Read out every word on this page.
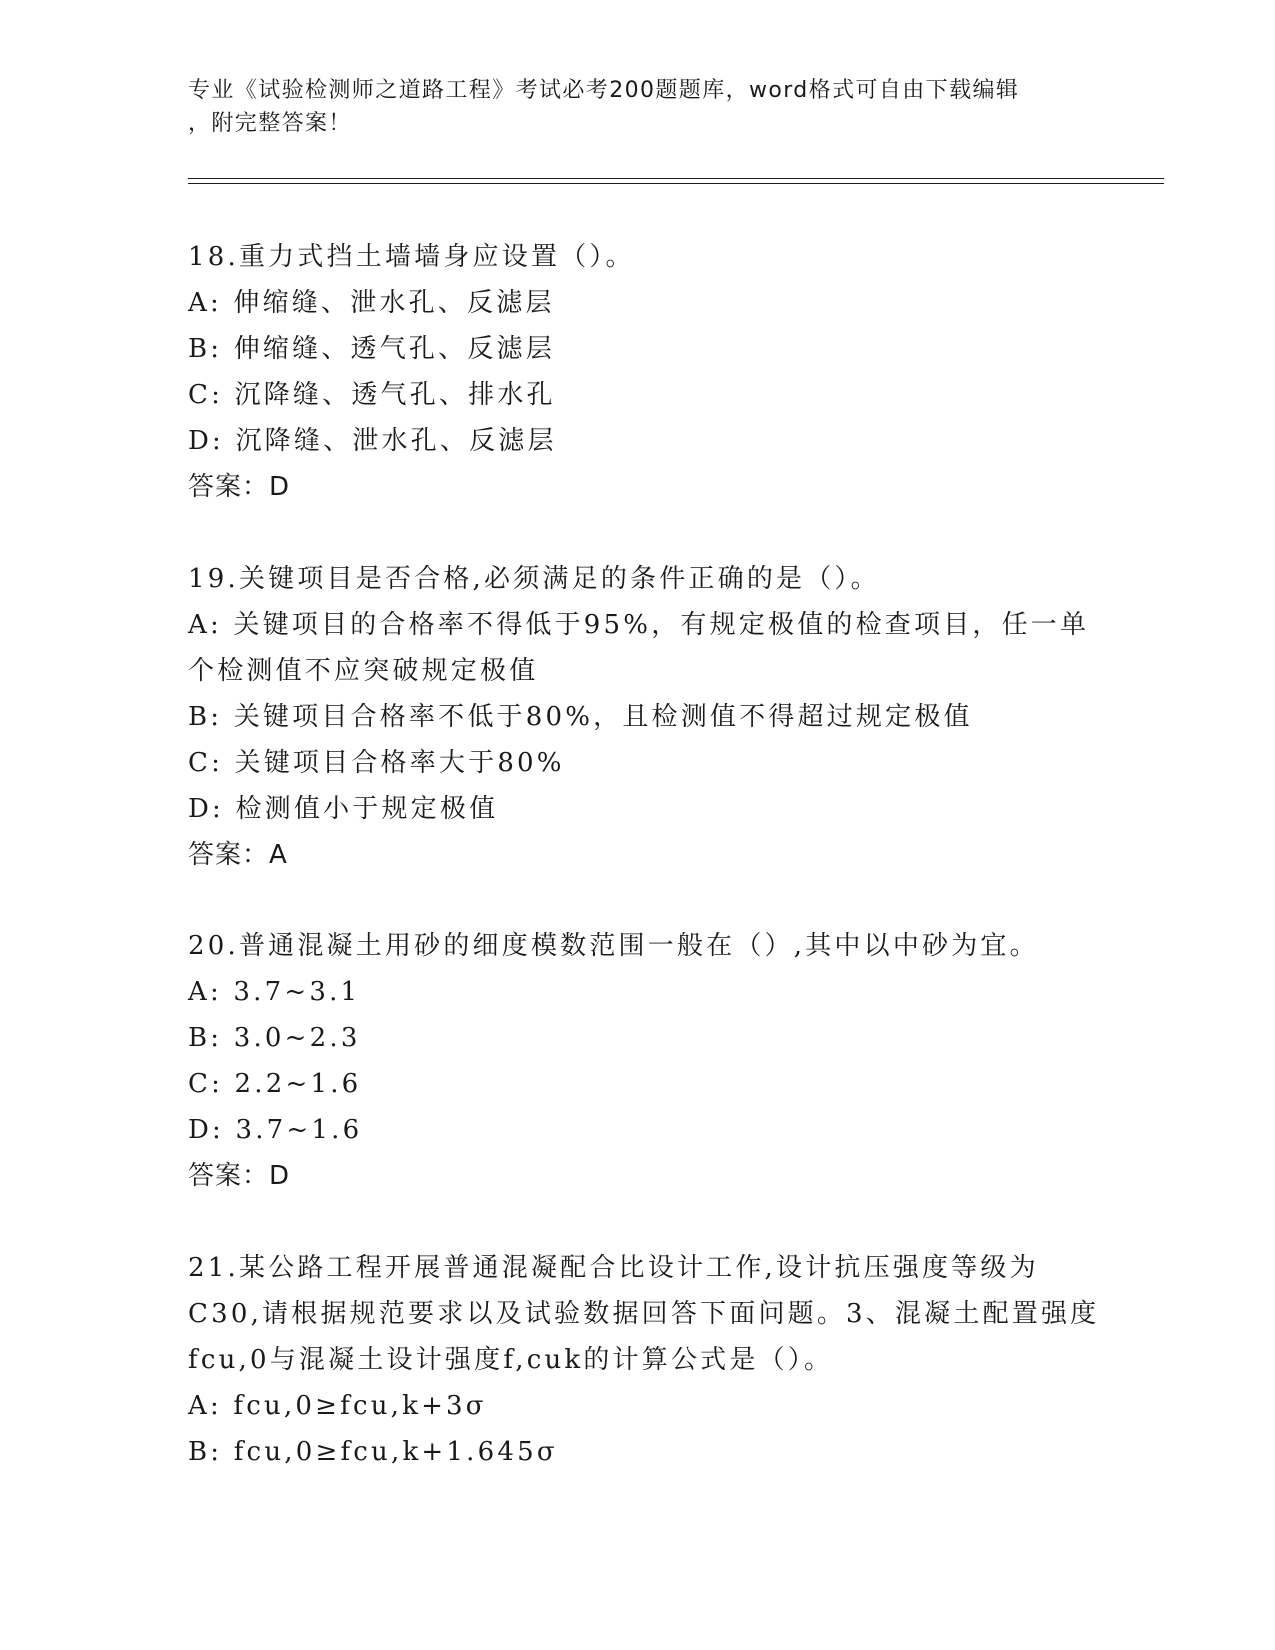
专业《试验检测师之道路工程》考试必考200题题库，word格式可自由下载编辑
，附完整答案！
18.重力式挡土墙墙身应设置（）。
A: 伸缩缝、泄水孔、反滤层
B: 伸缩缝、透气孔、反滤层
C: 沉降缝、透气孔、排水孔
D: 沉降缝、泄水孔、反滤层
答案：D
19.关键项目是否合格,必须满足的条件正确的是（）。
A: 关键项目的合格率不得低于95%，有规定极值的检查项目，任一单
个检测值不应突破规定极值
B: 关键项目合格率不低于80%，且检测值不得超过规定极值
C: 关键项目合格率大于80%
D: 检测值小于规定极值
答案：A
20.普通混凝土用砂的细度模数范围一般在（）,其中以中砂为宜。
A: 3.7~3.1
B: 3.0~2.3
C: 2.2~1.6
D: 3.7~1.6
答案：D
21.某公路工程开展普通混凝配合比设计工作,设计抗压强度等级为
C30,请根据规范要求以及试验数据回答下面问题。3、混凝土配置强度
fcu,0与混凝土设计强度f,cuk的计算公式是（）。
A: fcu,0≥fcu,k+3σ
B: fcu,0≥fcu,k+1.645σ
